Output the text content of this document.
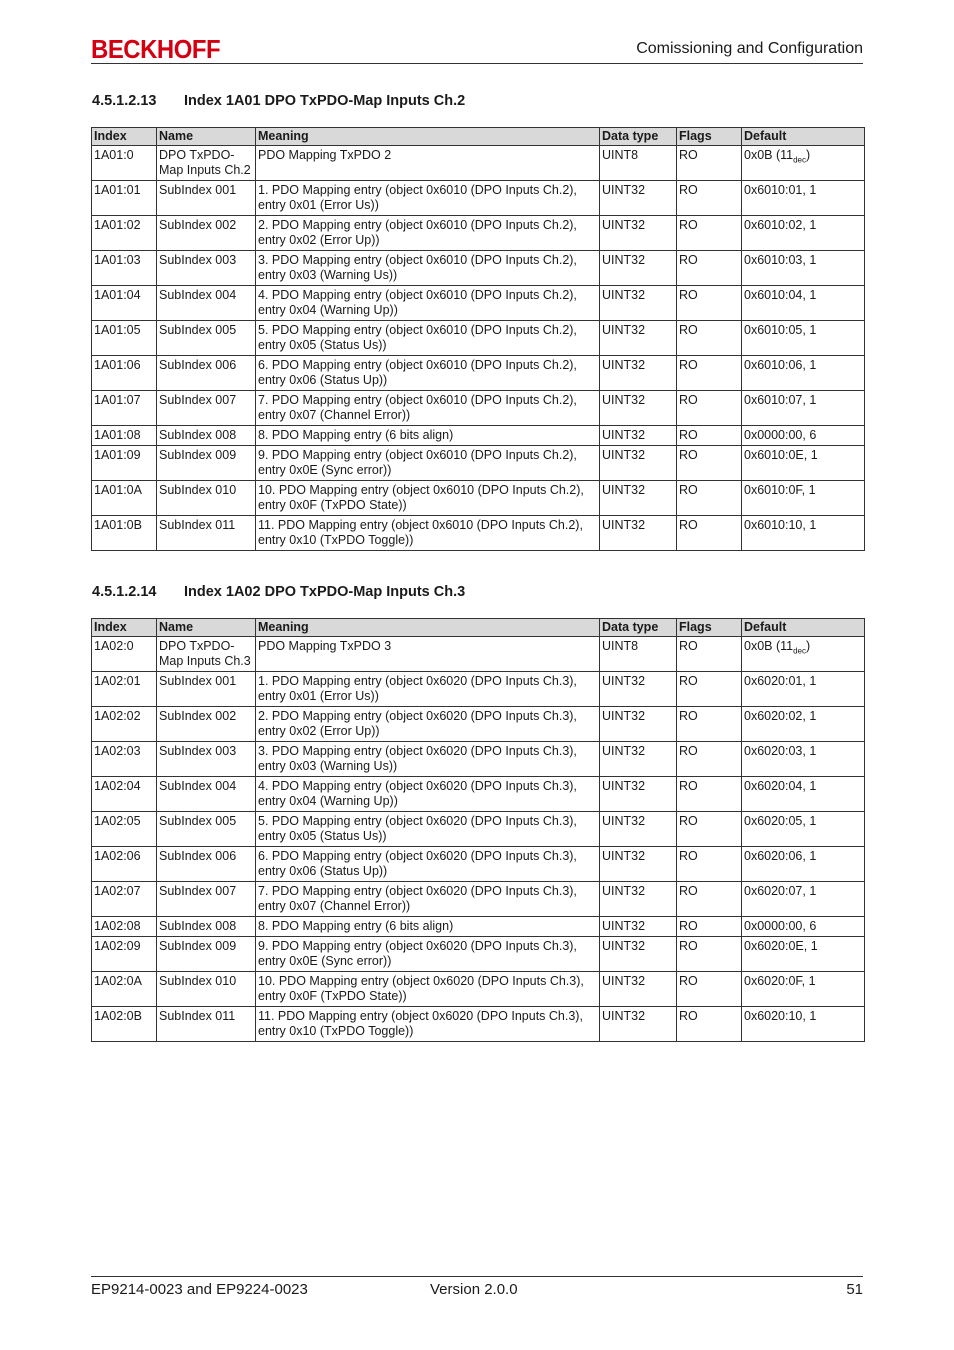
BECKHOFF	Comissioning and Configuration
4.5.1.2.13 Index 1A01 DPO TxPDO-Map Inputs Ch.2
Index	Name	Meaning	Data type	Flags	Default
1A01:0	DPO TxPDO-Map Inputs Ch.2	PDO Mapping TxPDO 2	UINT8	RO	0x0B $(11_{dec})$
1A01:01	SubIndex 001	1. PDO Mapping entry (object 0x6010 (DPO Inputs Ch.2), entry 0x01 (Error Us))	UINT32	RO	0x6010:01, 1
1A01:02	SubIndex 002	2. PDO Mapping entry (object 0x6010 (DPO Inputs Ch.2), entry 0x02 (Error Up))	UINT32	RO	0x6010:02, 1
1A01:03	SubIndex 003	3. PDO Mapping entry (object 0x6010 (DPO Inputs Ch.2), entry 0x03 (Warning Us))	UINT32	RO	0x6010:03, 1
1A01:04	SubIndex 004	4. PDO Mapping entry (object 0x6010 (DPO Inputs Ch.2), entry 0x04 (Warning Up))	UINT32	RO	0x6010:04, 1
1A01:05	SubIndex 005	5. PDO Mapping entry (object 0x6010 (DPO Inputs Ch.2), entry 0x05 (Status Us))	UINT32	RO	0x6010:05, 1
1A01:06	SubIndex 006	6. PDO Mapping entry (object 0x6010 (DPO Inputs Ch.2), entry 0x06 (Status Up))	UINT32	RO	0x6010:06, 1
1A01:07	SubIndex 007	7. PDO Mapping entry (object 0x6010 (DPO Inputs Ch.2), entry 0x07 (Channel Error))	UINT32	RO	0x6010:07, 1
1A01:08	SubIndex 008	8. PDO Mapping entry (6 bits align)	UINT32	RO	0x0000:00, 6
1A01:09	SubIndex 009	9. PDO Mapping entry (object 0x6010 (DPO Inputs Ch.2), entry 0x0E (Sync error))	UINT32	RO	0x6010:0E, 1
1A01:0A	SubIndex 010	10. PDO Mapping entry (object 0x6010 (DPO Inputs Ch.2), entry 0x0F (TxPDO State))	UINT32	RO	0x6010:0F, 1
1A01:0B	SubIndex 011	11. PDO Mapping entry (object 0x6010 (DPO Inputs Ch.2), entry 0x10 (TxPDO Toggle))	UINT32	RO	0x6010:10, 1
4.5.1.2.14 Index 1A02 DPO TxPDO-Map Inputs Ch.3
Index	Name	Meaning	Data type	Flags	Default
1A02:0	DPO TxPDO-Map Inputs Ch.3	PDO Mapping TxPDO 3	UINT8	RO	0x0B $(11_{dec})$
1A02:01	SubIndex 001	1. PDO Mapping entry (object 0x6020 (DPO Inputs Ch.3), entry 0x01 (Error Us))	UINT32	RO	0x6020:01, 1
1A02:02	SubIndex 002	2. PDO Mapping entry (object 0x6020 (DPO Inputs Ch.3), entry 0x02 (Error Up))	UINT32	RO	0x6020:02, 1
1A02:03	SubIndex 003	3. PDO Mapping entry (object 0x6020 (DPO Inputs Ch.3), entry 0x03 (Warning Us))	UINT32	RO	0x6020:03, 1
1A02:04	SubIndex 004	4. PDO Mapping entry (object 0x6020 (DPO Inputs Ch.3), entry 0x04 (Warning Up))	UINT32	RO	0x6020:04, 1
1A02:05	SubIndex 005	5. PDO Mapping entry (object 0x6020 (DPO Inputs Ch.3), entry 0x05 (Status Us))	UINT32	RO	0x6020:05, 1
1A02:06	SubIndex 006	6. PDO Mapping entry (object 0x6020 (DPO Inputs Ch.3), entry 0x06 (Status Up))	UINT32	RO	0x6020:06, 1
1A02:07	SubIndex 007	7. PDO Mapping entry (object 0x6020 (DPO Inputs Ch.3), entry 0x07 (Channel Error))	UINT32	RO	0x6020:07, 1
1A02:08	SubIndex 008	8. PDO Mapping entry (6 bits align)	UINT32	RO	0x0000:00, 6
1A02:09	SubIndex 009	9. PDO Mapping entry (object 0x6020 (DPO Inputs Ch.3), entry 0x0E (Sync error))	UINT32	RO	0x6020:0E, 1
1A02:0A	SubIndex 010	10. PDO Mapping entry (object 0x6020 (DPO Inputs Ch.3), entry 0x0F (TxPDO State))	UINT32	RO	0x6020:0F, 1
1A02:0B	SubIndex 011	11. PDO Mapping entry (object 0x6020 (DPO Inputs Ch.3), entry 0x10 (TxPDO Toggle))	UINT32	RO	0x6020:10, 1
EP9214-0023 and EP9224-0023	Version 2.0.0	51
